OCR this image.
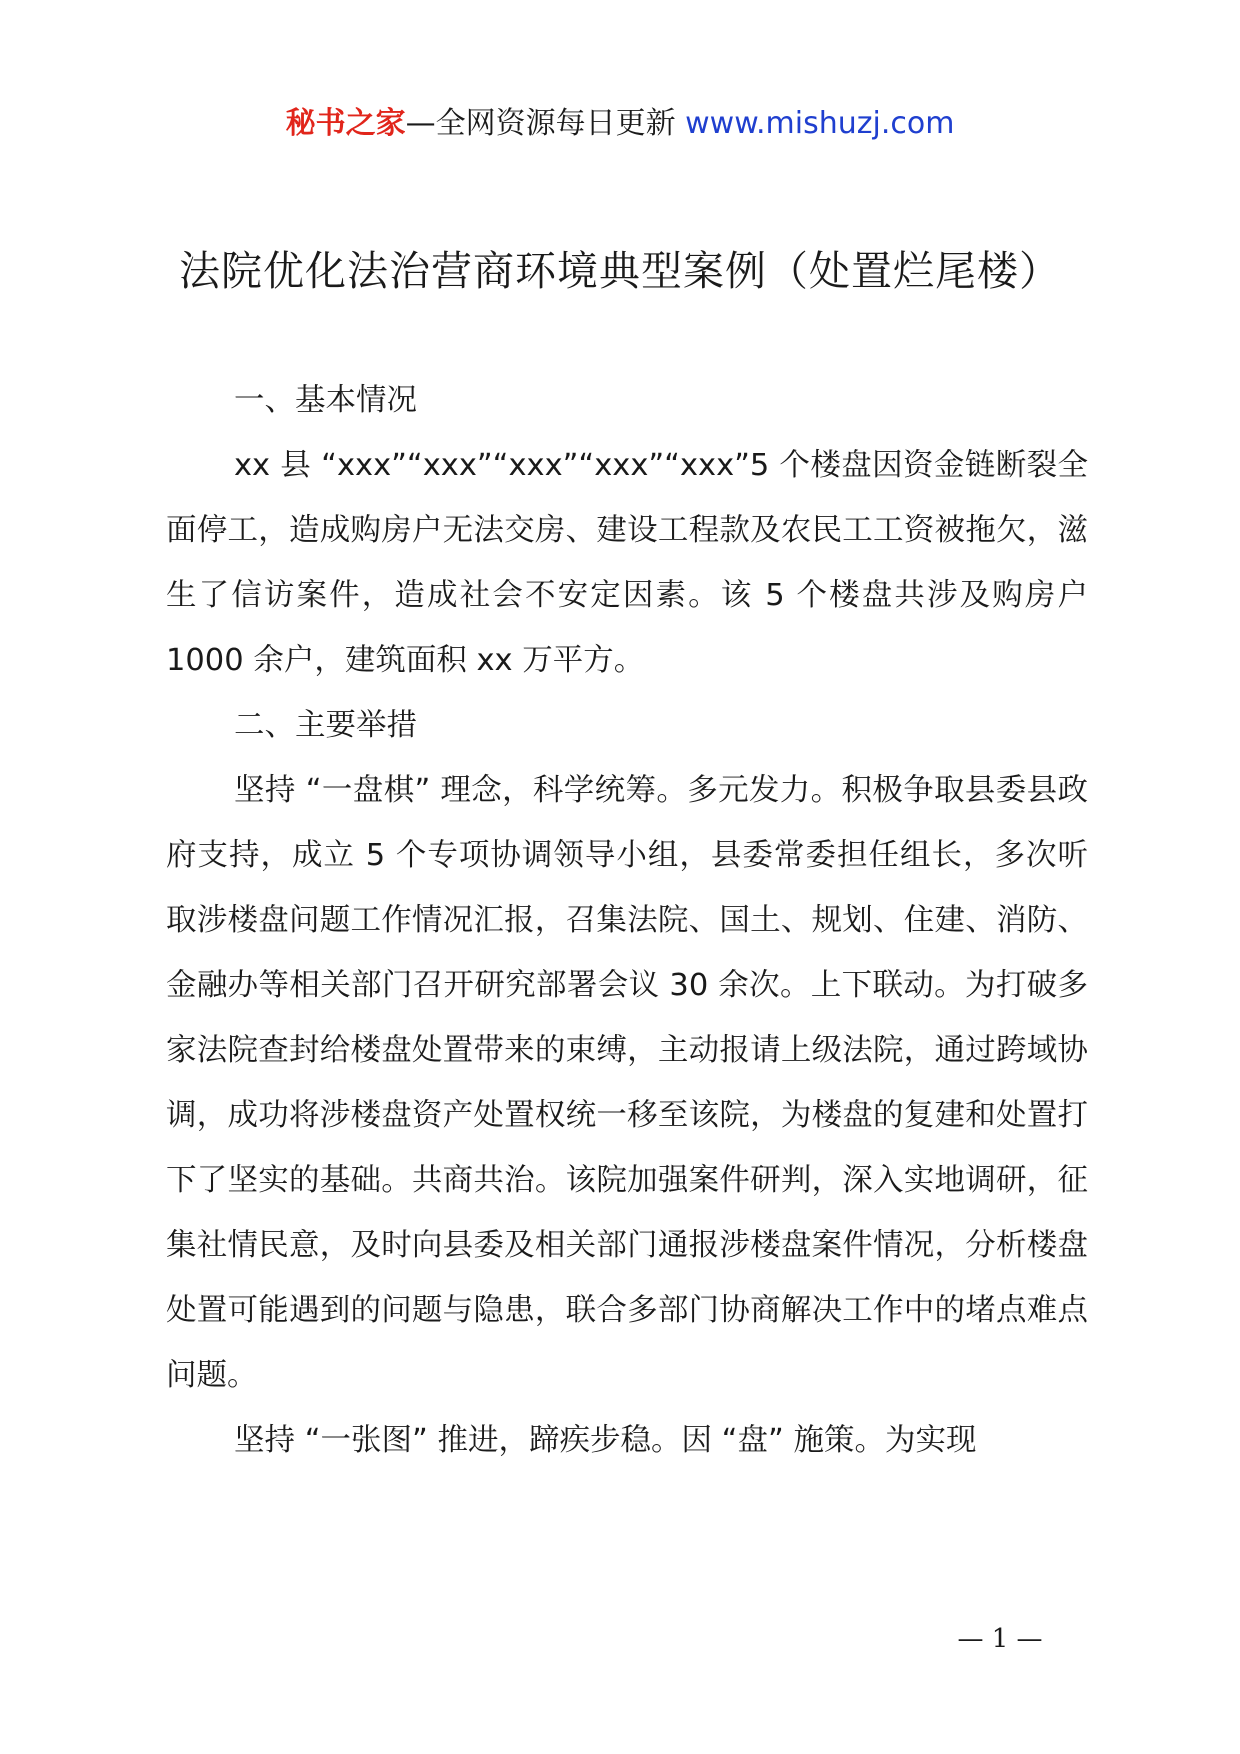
秘书之家—全网资源每日更新 www.mishuzj.com
法院优化法治营商环境典型案例（处置烂尾楼）

一、基本情况

xx 县 “xxx”“xxx”“xxx”“xxx”“xxx”5 个楼盘因资金链断裂全面停工，造成购房户无法交房、建设工程款及农民工工资被拖欠，滋生了信访案件，造成社会不安定因素。该 5 个楼盘共涉及购房户 1000 余户，建筑面积 xx 万平方。

二、主要举措

坚持 “一盘棋” 理念，科学统筹。多元发力。积极争取县委县政府支持，成立 5 个专项协调领导小组，县委常委担任组长，多次听取涉楼盘问题工作情况汇报，召集法院、国土、规划、住建、消防、金融办等相关部门召开研究部署会议 30 余次。上下联动。为打破多家法院查封给楼盘处置带来的束缚，主动报请上级法院，通过跨域协调，成功将涉楼盘资产处置权统一移至该院，为楼盘的复建和处置打下了坚实的基础。共商共治。该院加强案件研判，深入实地调研，征集社情民意，及时向县委及相关部门通报涉楼盘案件情况，分析楼盘处置可能遇到的问题与隐患，联合多部门协商解决工作中的堵点难点问题。

坚持 “一张图” 推进，蹄疾步稳。因 “盘” 施策。为实现

— 1 —
